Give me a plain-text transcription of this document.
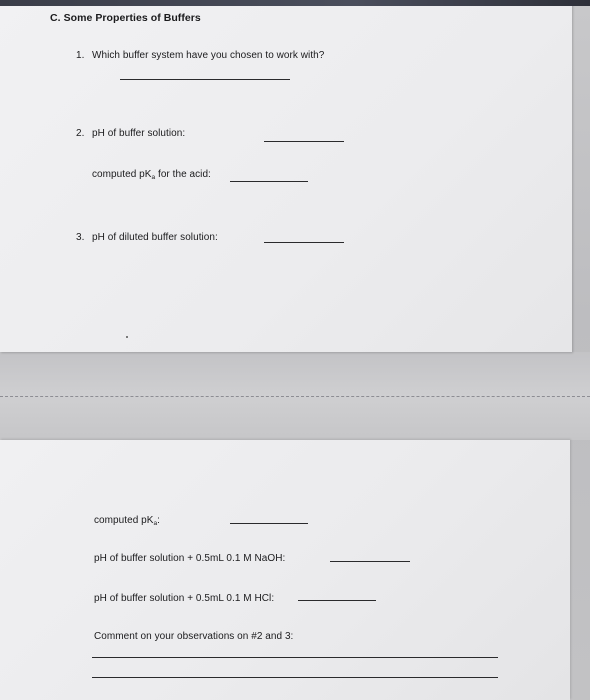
C. Some Properties of Buffers
1. Which buffer system have you chosen to work with?
2. pH of buffer solution:
computed $pK_a$ for the acid:
3. pH of diluted buffer solution:
computed $pK_a$:
pH of buffer solution + 0.5mL 0.1 M NaOH:
pH of buffer solution + 0.5mL 0.1 M HCl:
Comment on your observations on #2 and 3:
